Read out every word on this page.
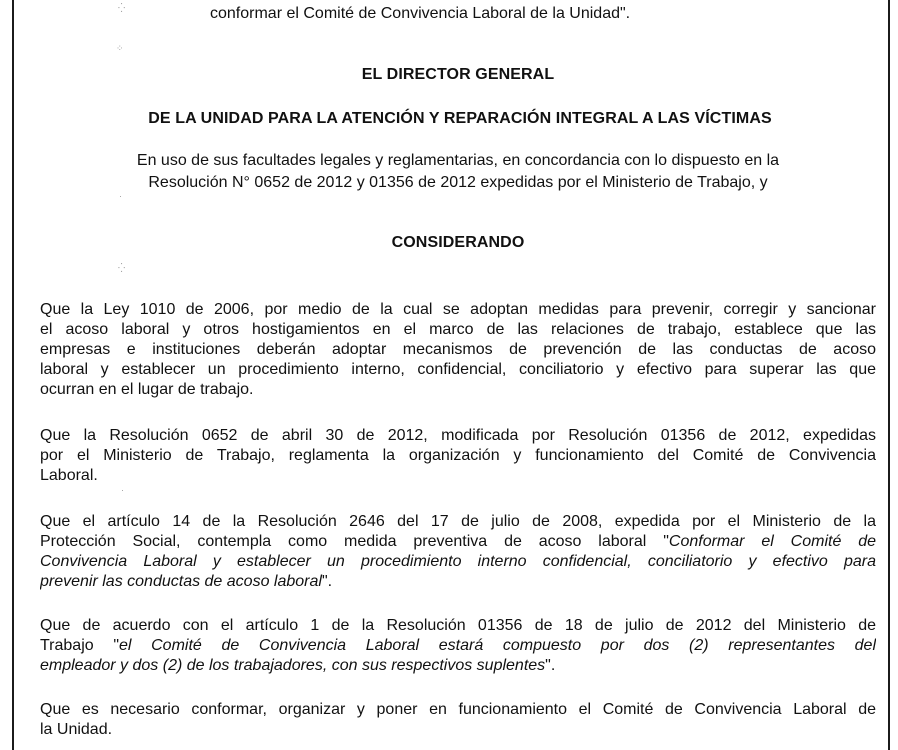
⁛
⁘
·
⁛
·
conformar el Comité de Convivencia Laboral de la Unidad".
EL DIRECTOR GENERAL
DE LA UNIDAD PARA LA ATENCIÓN Y REPARACIÓN INTEGRAL A LAS VÍCTIMAS
En uso de sus facultades legales y reglamentarias, en concordancia con lo dispuesto en la
Resolución N° 0652 de 2012 y 01356 de 2012 expedidas por el Ministerio de Trabajo, y
CONSIDERANDO
Que la Ley 1010 de 2006, por medio de la cual se adoptan medidas para prevenir, corregir y sancionar
el acoso laboral y otros hostigamientos en el marco de las relaciones de trabajo, establece que las
empresas e instituciones deberán adoptar mecanismos de prevención de las conductas de acoso
laboral y establecer un procedimiento interno, confidencial, conciliatorio y efectivo para superar las que
ocurran en el lugar de trabajo.
Que la Resolución 0652 de abril 30 de 2012, modificada por Resolución 01356 de 2012, expedidas
por el Ministerio de Trabajo, reglamenta la organización y funcionamiento del Comité de Convivencia
Laboral.
Que el artículo 14 de la Resolución 2646 del 17 de julio de 2008, expedida por el Ministerio de la
Protección Social, contempla como medida preventiva de acoso laboral "Conformar el Comité de
Convivencia Laboral y establecer un procedimiento interno confidencial, conciliatorio y efectivo para
prevenir las conductas de acoso laboral".
Que de acuerdo con el artículo 1 de la Resolución 01356 de 18 de julio de 2012 del Ministerio de
Trabajo "el Comité de Convivencia Laboral estará compuesto por dos (2) representantes del
empleador y dos (2) de los trabajadores, con sus respectivos suplentes".
Que es necesario conformar, organizar y poner en funcionamiento el Comité de Convivencia Laboral de
la Unidad.
